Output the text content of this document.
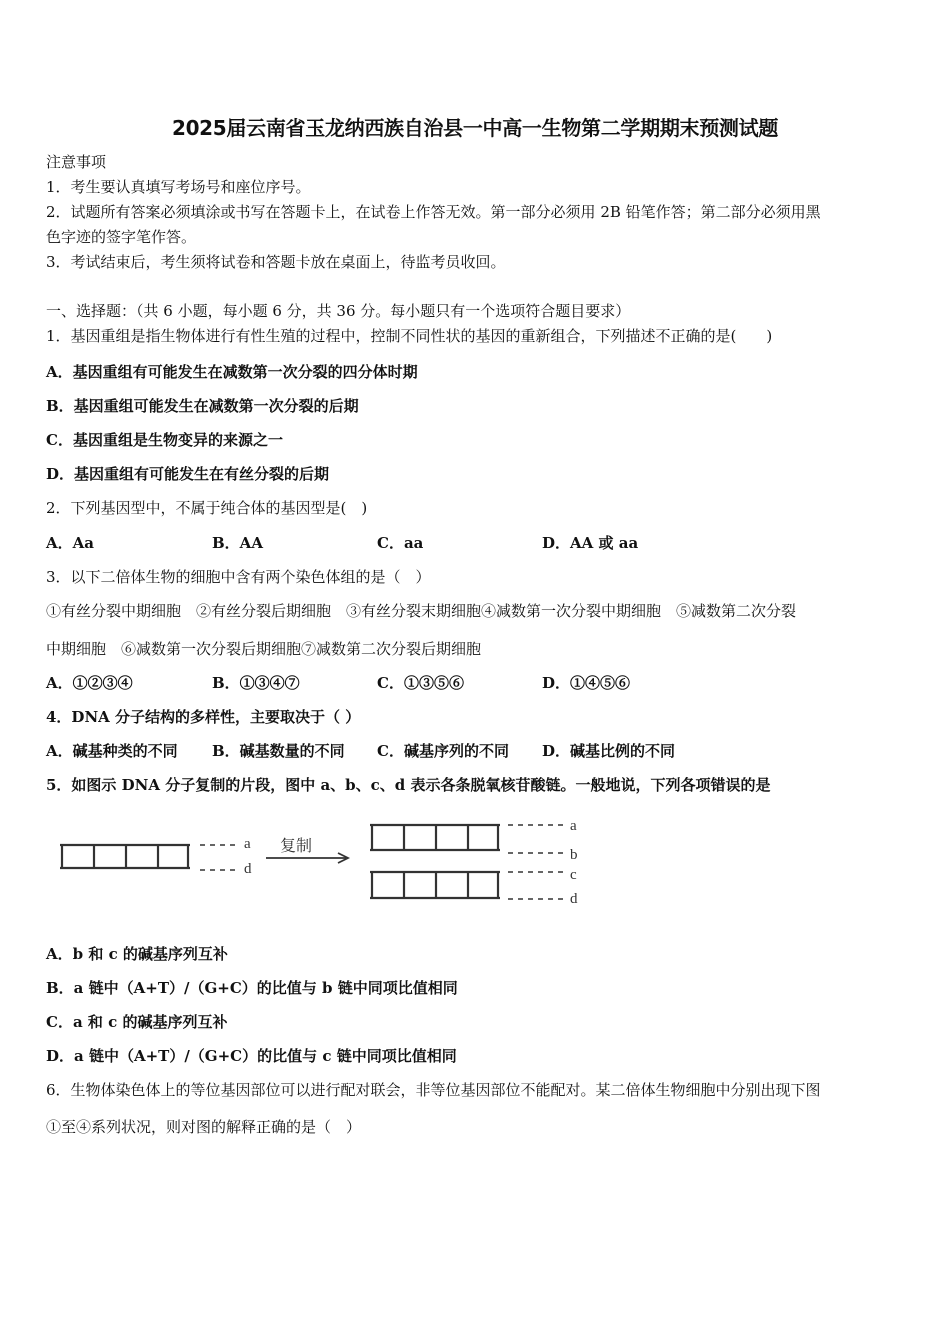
2025届云南省玉龙纳西族自治县一中高一生物第二学期期末预测试题
注意事项
1．考生要认真填写考场号和座位序号。
2．试题所有答案必须填涂或书写在答题卡上，在试卷上作答无效。第一部分必须用 2B 铅笔作答；第二部分必须用黑
色字迹的签字笔作答。
3．考试结束后，考生须将试卷和答题卡放在桌面上，待监考员收回。
一、选择题：（共 6 小题，每小题 6 分，共 36 分。每小题只有一个选项符合题目要求）
1．基因重组是指生物体进行有性生殖的过程中，控制不同性状的基因的重新组合，下列描述不正确的是(　　)
A．基因重组有可能发生在减数第一次分裂的四分体时期
B．基因重组可能发生在减数第一次分裂的后期
C．基因重组是生物变异的来源之一
D．基因重组有可能发生在有丝分裂的后期
2．下列基因型中，不属于纯合体的基因型是(　)
A．Aa	B．AA	C．aa	D．AA 或 aa
3．以下二倍体生物的细胞中含有两个染色体组的是（　）
①有丝分裂中期细胞　②有丝分裂后期细胞　③有丝分裂末期细胞④减数第一次分裂中期细胞　⑤减数第二次分裂
中期细胞　⑥减数第一次分裂后期细胞⑦减数第二次分裂后期细胞
A．①②③④	B．①③④⑦	C．①③⑤⑥	D．①④⑤⑥
4．DNA 分子结构的多样性，主要取决于（ ）
A．碱基种类的不同 B．碱基数量的不同 C．碱基序列的不同 D．碱基比例的不同
5．如图示 DNA 分子复制的片段，图中 a、b、c、d 表示各条脱氧核苷酸链。一般地说，下列各项错误的是
a
d
复制
a
b
c
d
A．b 和 c 的碱基序列互补
B．a 链中（A+T）/（G+C）的比值与 b 链中同项比值相同
C．a 和 c 的碱基序列互补
D．a 链中（A+T）/（G+C）的比值与 c 链中同项比值相同
6．生物体染色体上的等位基因部位可以进行配对联会，非等位基因部位不能配对。某二倍体生物细胞中分别出现下图
①至④系列状况，则对图的解释正确的是（　）
